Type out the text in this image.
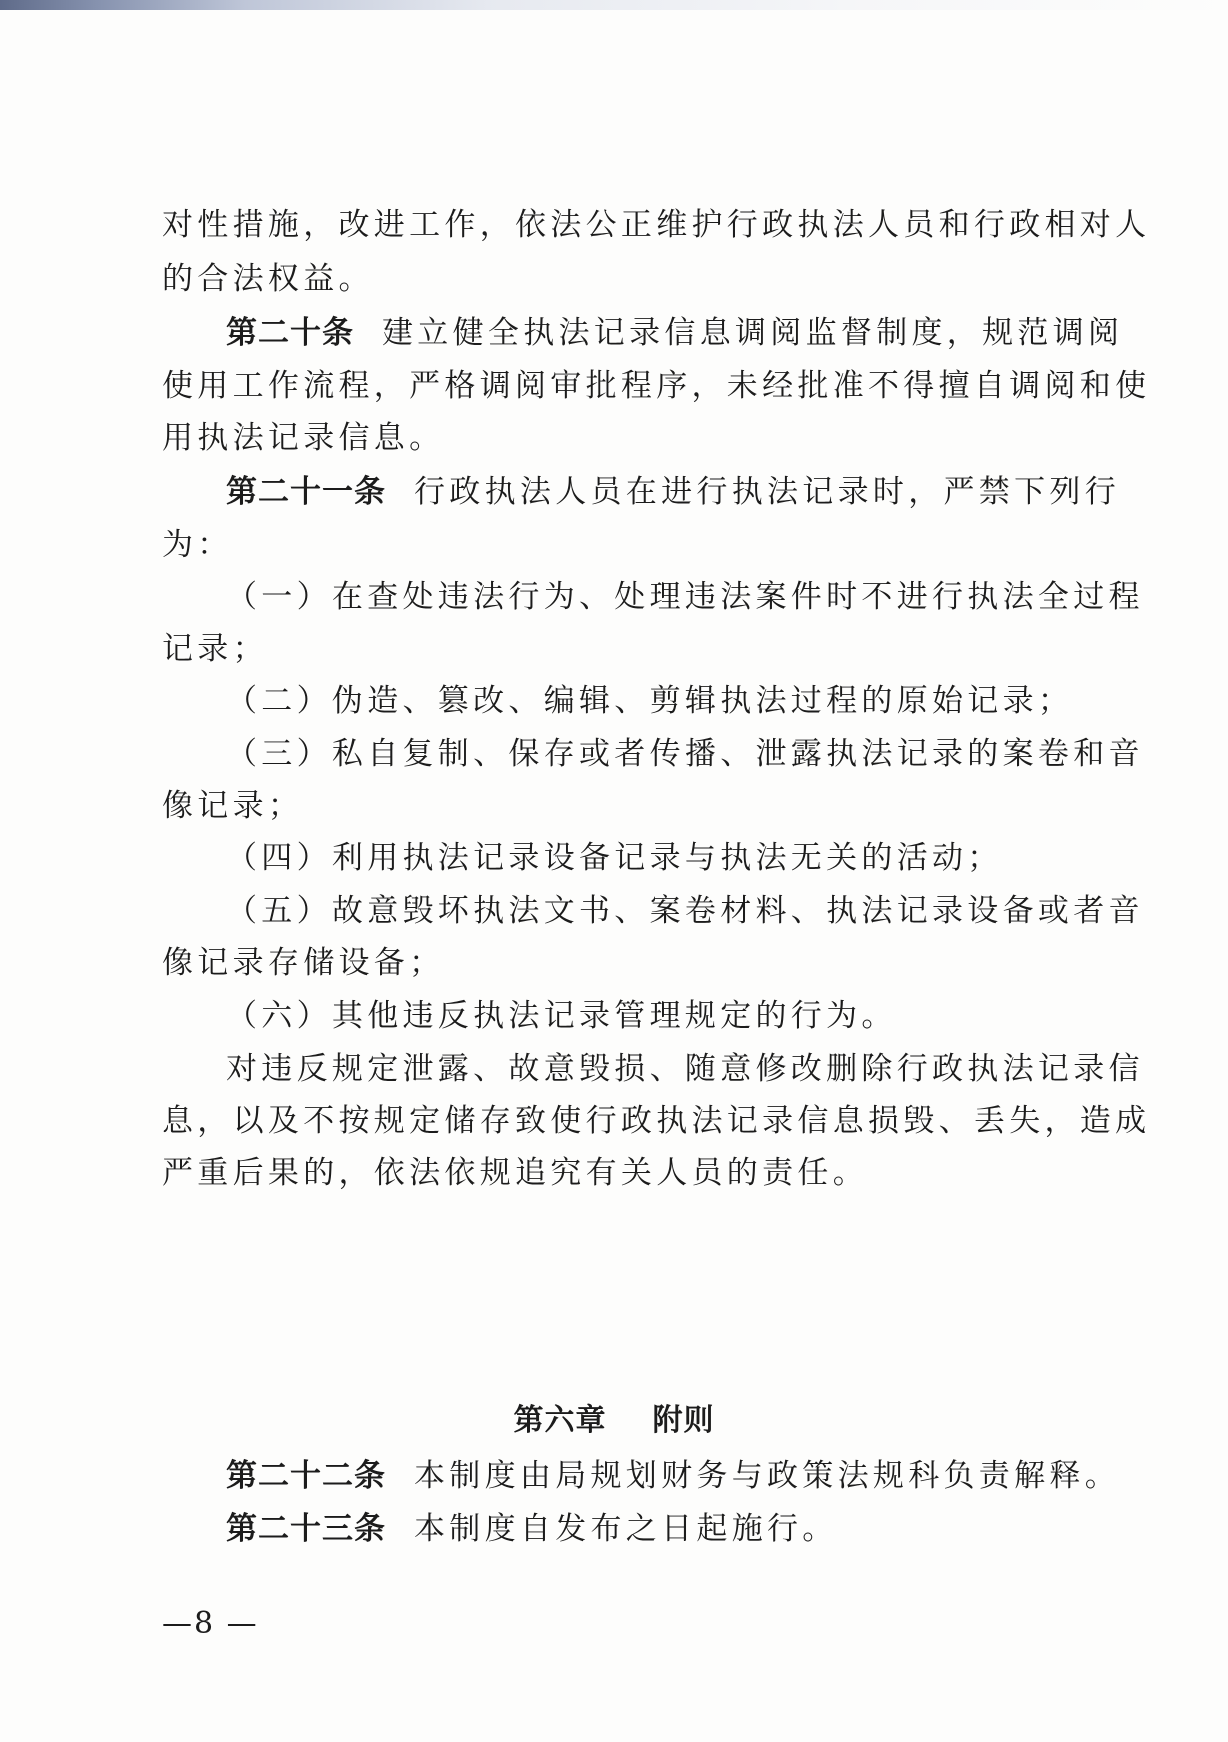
对性措施，改进工作，依法公正维护行政执法人员和行政相对人
的合法权益。
第二十条 建立健全执法记录信息调阅监督制度，规范调阅
使用工作流程，严格调阅审批程序，未经批准不得擅自调阅和使
用执法记录信息。
第二十一条 行政执法人员在进行执法记录时，严禁下列行
为：
（一）在查处违法行为、处理违法案件时不进行执法全过程
记录；
（二）伪造、篡改、编辑、剪辑执法过程的原始记录；
（三）私自复制、保存或者传播、泄露执法记录的案卷和音
像记录；
（四）利用执法记录设备记录与执法无关的活动；
（五）故意毁坏执法文书、案卷材料、执法记录设备或者音
像记录存储设备；
（六）其他违反执法记录管理规定的行为。
对违反规定泄露、故意毁损、随意修改删除行政执法记录信
息，以及不按规定储存致使行政执法记录信息损毁、丢失，造成
严重后果的，依法依规追究有关人员的责任。
第六章 附则
第二十二条 本制度由局规划财务与政策法规科负责解释。
第二十三条 本制度自发布之日起施行。
—8 —
